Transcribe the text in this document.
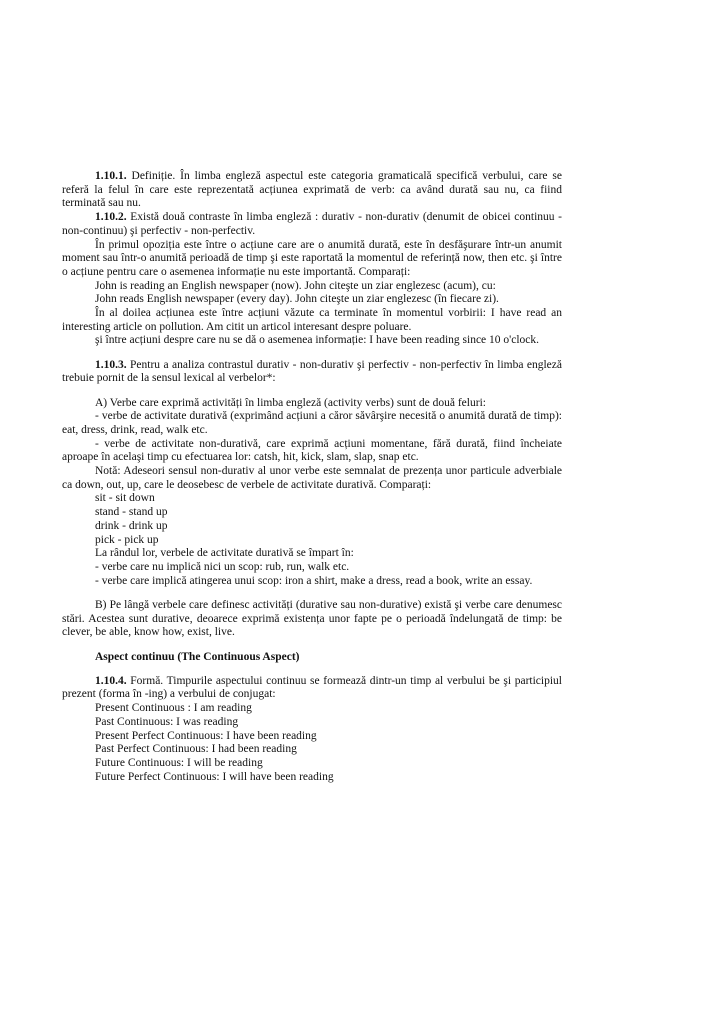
1.10.1. Definiție. În limba engleză aspectul este categoria gramaticală specifică verbului, care se referă la felul în care este reprezentată acțiunea exprimată de verb: ca având durată sau nu, ca fiind terminată sau nu.

1.10.2. Există două contraste în limba engleză : durativ - non-durativ (denumit de obicei continuu - non-continuu) şi perfectiv - non-perfectiv.

În primul opoziția este între o acțiune care are o anumită durată, este în desfăşurare într-un anumit moment sau într-o anumită perioadă de timp şi este raportată la momentul de referință now, then etc. şi între o acțiune pentru care o asemenea informație nu este importantă. Comparați:

John is reading an English newspaper (now). John citeşte un ziar englezesc (acum), cu:

John reads English newspaper (every day). John citeşte un ziar englezesc (în fiecare zi).

În al doilea acțiunea este între acțiuni văzute ca terminate în momentul vorbirii: I have read an interesting article on pollution. Am citit un articol interesant despre poluare.

şi între acțiuni despre care nu se dă o asemenea informație: I have been reading since 10 o'clock.

1.10.3. Pentru a analiza contrastul durativ - non-durativ şi perfectiv - non-perfectiv în limba engleză trebuie pornit de la sensul lexical al verbelor*:

A) Verbe care exprimă activități în limba engleză (activity verbs) sunt de două feluri:

- verbe de activitate durativă (exprimând acțiuni a căror săvârşire necesită o anumită durată de timp): eat, dress, drink, read, walk etc.

- verbe de activitate non-durativă, care exprimă acțiuni momentane, fără durată, fiind încheiate aproape în acelaşi timp cu efectuarea lor: catsh, hit, kick, slam, slap, snap etc.

Notă: Adeseori sensul non-durativ al unor verbe este semnalat de prezența unor particule adverbiale ca down, out, up, care le deosebesc de verbele de activitate durativă. Comparați:

sit - sit down

stand - stand up

drink - drink up

pick - pick up

La rândul lor, verbele de activitate durativă se împart în:

- verbe care nu implică nici un scop: rub, run, walk etc.

- verbe care implică atingerea unui scop: iron a shirt, make a dress, read a book, write an essay.

B) Pe lângă verbele care definesc activități (durative sau non-durative) există şi verbe care denumesc stări. Acestea sunt durative, deoarece exprimă existența unor fapte pe o perioadă îndelungată de timp: be clever, be able, know how, exist, live.

Aspect continuu (The Continuous Aspect)

1.10.4. Formă. Timpurile aspectului continuu se formează dintr-un timp al verbului be şi participiul prezent (forma în -ing) a verbului de conjugat:

Present Continuous : I am reading

Past Continuous: I was reading

Present Perfect Continuous: I have been reading

Past Perfect Continuous: I had been reading

Future Continuous: I will be reading

Future Perfect Continuous: I will have been reading
